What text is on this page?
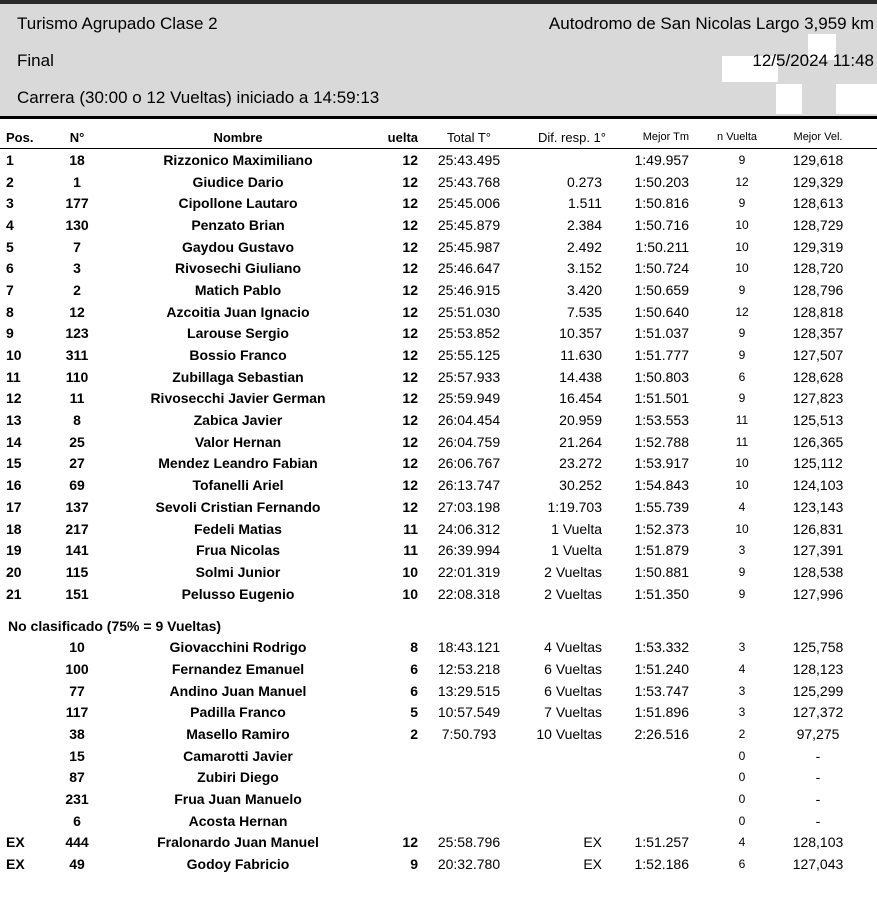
Turismo Agrupado Clase 2	Autodromo de San Nicolas Largo 3,959 km
Final	12/5/2024 11:48
Carrera (30:00 o 12 Vueltas) iniciado a 14:59:13
Pos.	N°	Nombre	uelta	Total T°	Dif. resp. 1°	Mejor Tm	n Vuelta	Mejor Vel.
1	18	Rizzonico Maximiliano	12	25:43.495		1:49.957	9	129,618
2	1	Giudice Dario	12	25:43.768	0.273	1:50.203	12	129,329
3	177	Cipollone Lautaro	12	25:45.006	1.511	1:50.816	9	128,613
4	130	Penzato Brian	12	25:45.879	2.384	1:50.716	10	128,729
5	7	Gaydou Gustavo	12	25:45.987	2.492	1:50.211	10	129,319
6	3	Rivosechi Giuliano	12	25:46.647	3.152	1:50.724	10	128,720
7	2	Matich Pablo	12	25:46.915	3.420	1:50.659	9	128,796
8	12	Azcoitia Juan Ignacio	12	25:51.030	7.535	1:50.640	12	128,818
9	123	Larouse Sergio	12	25:53.852	10.357	1:51.037	9	128,357
10	311	Bossio Franco	12	25:55.125	11.630	1:51.777	9	127,507
11	110	Zubillaga Sebastian	12	25:57.933	14.438	1:50.803	6	128,628
12	11	Rivosecchi Javier German	12	25:59.949	16.454	1:51.501	9	127,823
13	8	Zabica Javier	12	26:04.454	20.959	1:53.553	11	125,513
14	25	Valor Hernan	12	26:04.759	21.264	1:52.788	11	126,365
15	27	Mendez Leandro Fabian	12	26:06.767	23.272	1:53.917	10	125,112
16	69	Tofanelli Ariel	12	26:13.747	30.252	1:54.843	10	124,103
17	137	Sevoli Cristian Fernando	12	27:03.198	1:19.703	1:55.739	4	123,143
18	217	Fedeli Matias	11	24:06.312	1 Vuelta	1:52.373	10	126,831
19	141	Frua Nicolas	11	26:39.994	1 Vuelta	1:51.879	3	127,391
20	115	Solmi Junior	10	22:01.319	2 Vueltas	1:50.881	9	128,538
21	151	Pelusso Eugenio	10	22:08.318	2 Vueltas	1:51.350	9	127,996
No clasificado (75% = 9 Vueltas)								
	10	Giovacchini Rodrigo	8	18:43.121	4 Vueltas	1:53.332	3	125,758
	100	Fernandez Emanuel	6	12:53.218	6 Vueltas	1:51.240	4	128,123
	77	Andino Juan Manuel	6	13:29.515	6 Vueltas	1:53.747	3	125,299
	117	Padilla Franco	5	10:57.549	7 Vueltas	1:51.896	3	127,372
	38	Masello Ramiro	2	7:50.793	10 Vueltas	2:26.516	2	97,275
	15	Camarotti Javier					0	-
	87	Zubiri Diego					0	-
	231	Frua Juan Manuelo					0	-
	6	Acosta Hernan					0	-
EX	444	Fralonardo Juan Manuel	12	25:58.796	EX	1:51.257	4	128,103
EX	49	Godoy Fabricio	9	20:32.780	EX	1:52.186	6	127,043
